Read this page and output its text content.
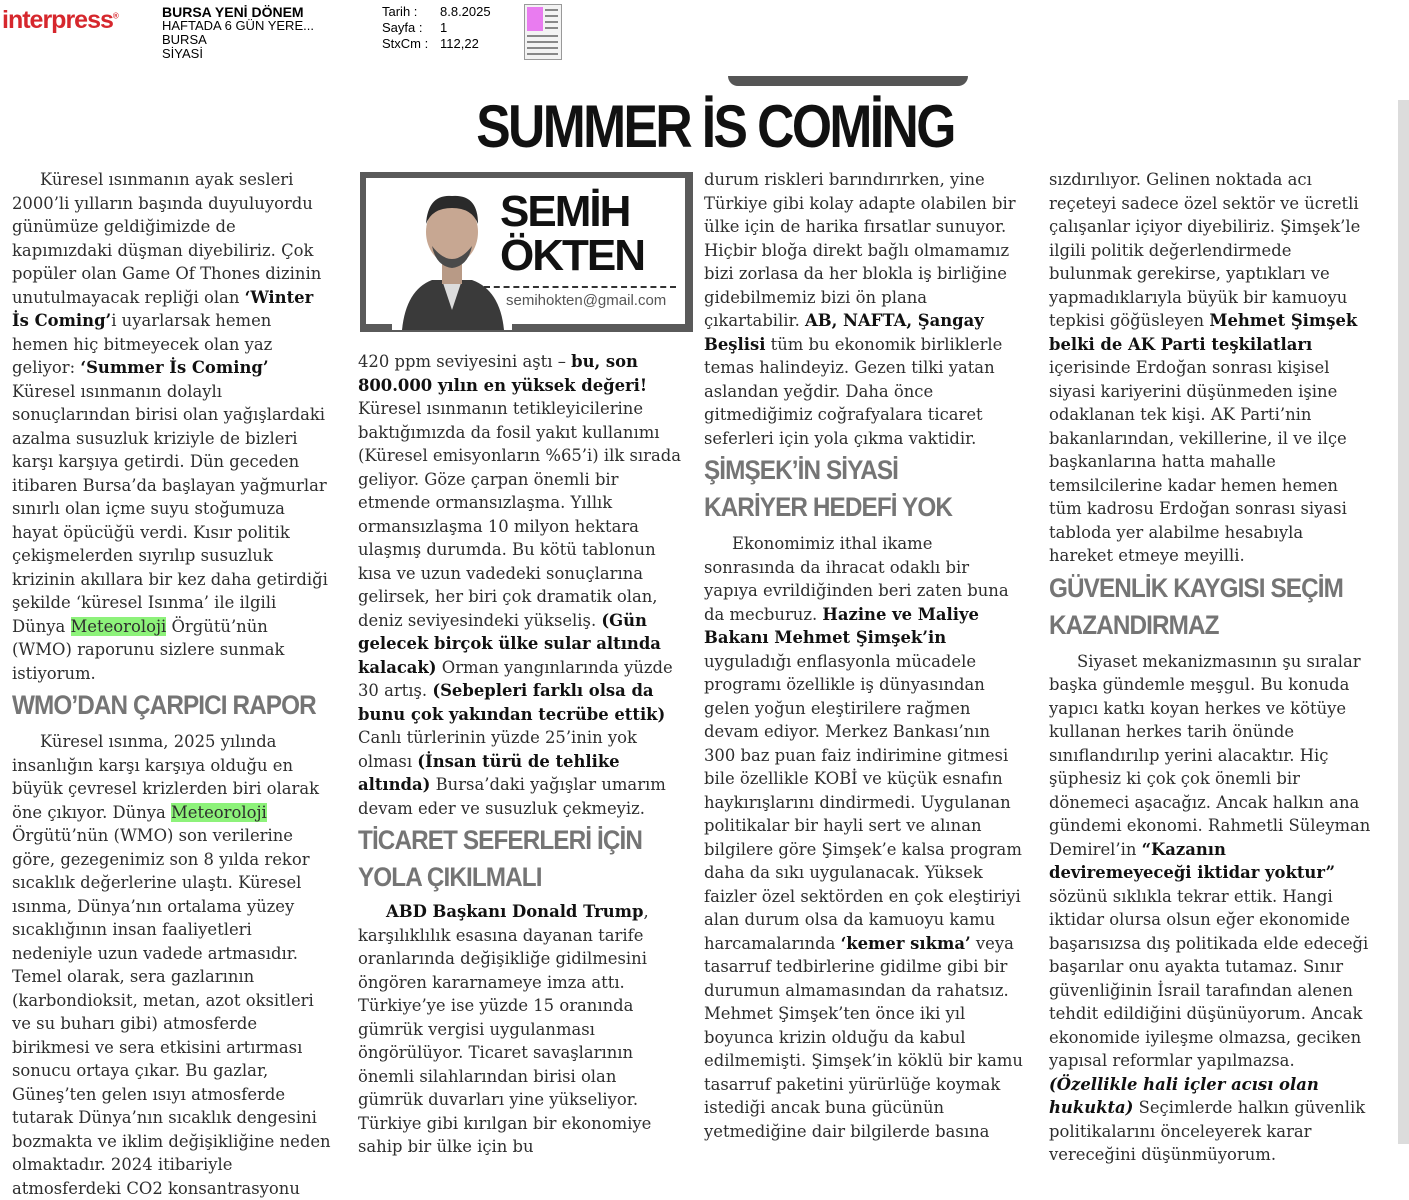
interpress®	BURSA YENİ DÖNEM
HAFTADA 6 GÜN YERE...
BURSA
SİYASİ
Tarih :	8.8.2025
Sayfa :	1
StxCm : 112,22
SUMMER İS COMİNG

Küresel ısınmanın ayak sesleri 2000’li yılların başında duyuluyordu günümüze geldiğimizde de kapımızdaki düşman diyebiliriz. Çok popüler olan Game Of Thones dizinin unutulmayacak repliği olan ‘Winter İs Coming’i uyarlarsak hemen hemen hiç bitmeyecek olan yaz geliyor: ‘Summer İs Coming’ Küresel ısınmanın dolaylı sonuçlarından birisi olan yağışlardaki azalma susuzluk kriziyle de bizleri karşı karşıya getirdi. Dün geceden itibaren Bursa’da başlayan yağmurlar sınırlı olan içme suyu stoğumuza hayat öpücüğü verdi. Kısır politik çekişmelerden sıyrılıp susuzluk krizinin akıllara bir kez daha getirdiği şekilde ‘küresel Isınma’ ile ilgili Dünya Meteoroloji Örgütü’nün (WMO) raporunu sizlere sunmak istiyorum.

WMO’DAN ÇARPICI RAPOR

Küresel ısınma, 2025 yılında insanlığın karşı karşıya olduğu en büyük çevresel krizlerden biri olarak öne çıkıyor. Dünya Meteoroloji Örgütü’nün (WMO) son verilerine göre, gezegenimiz son 8 yılda rekor sıcaklık değerlerine ulaştı. Küresel ısınma, Dünya’nın ortalama yüzey sıcaklığının insan faaliyetleri nedeniyle uzun vadede artmasıdır. Temel olarak, sera gazlarının (karbondioksit, metan, azot oksitleri ve su buharı gibi) atmosferde birikmesi ve sera etkisini artırması sonucu ortaya çıkar. Bu gazlar, Güneş’ten gelen ısıyı atmosferde tutarak Dünya’nın sıcaklık dengesini bozmakta ve iklim değişikliğine neden olmaktadır. 2024 itibariyle atmosferdeki CO2 konsantrasyonu

SEMİH
ÖKTEN
semihokten@gmail.com

420 ppm seviyesini aştı – bu, son 800.000 yılın en yüksek değeri! Küresel ısınmanın tetikleyicilerine baktığımızda da fosil yakıt kullanımı (Küresel emisyonların %65’i) ilk sırada geliyor. Göze çarpan önemli bir etmende ormansızlaşma. Yıllık ormansızlaşma 10 milyon hektara ulaşmış durumda. Bu kötü tablonun kısa ve uzun vadedeki sonuçlarına gelirsek, her biri çok dramatik olan, deniz seviyesindeki yükseliş. (Gün gelecek birçok ülke sular altında kalacak) Orman yangınlarında yüzde 30 artış. (Sebepleri farklı olsa da bunu çok yakından tecrübe ettik) Canlı türlerinin yüzde 25’inin yok olması (İnsan türü de tehlike altında) Bursa’daki yağışlar umarım devam eder ve susuzluk çekmeyiz.

TİCARET SEFERLERİ İÇİN

YOLA ÇIKILMALI

ABD Başkanı Donald Trump, karşılıklılık esasına dayanan tarife oranlarında değişikliğe gidilmesini öngören kararnameye imza attı. Türkiye’ye ise yüzde 15 oranında gümrük vergisi uygulanması öngörülüyor. Ticaret savaşlarının önemli silahlarından birisi olan gümrük duvarları yine yükseliyor. Türkiye gibi kırılgan bir ekonomiye sahip bir ülke için bu

durum riskleri barındırırken, yine Türkiye gibi kolay adapte olabilen bir ülke için de harika fırsatlar sunuyor. Hiçbir bloğa direkt bağlı olmamamız bizi zorlasa da her blokla iş birliğine gidebilmemiz bizi ön plana çıkartabilir. AB, NAFTA, Şangay Beşlisi tüm bu ekonomik birliklerle temas halindeyiz. Gezen tilki yatan aslandan yeğdir. Daha önce gitmediğimiz coğrafyalara ticaret seferleri için yola çıkma vaktidir.

ŞİMŞEK’İN SİYASİ

KARİYER HEDEFİ YOK

Ekonomimiz ithal ikame sonrasında da ihracat odaklı bir yapıya evrildiğinden beri zaten buna da mecburuz. Hazine ve Maliye Bakanı Mehmet Şimşek’in uyguladığı enflasyonla mücadele programı özellikle iş dünyasından gelen yoğun eleştirilere rağmen devam ediyor. Merkez Bankası’nın 300 baz puan faiz indirimine gitmesi bile özellikle KOBİ ve küçük esnafın haykırışlarını dindirmedi. Uygulanan politikalar bir hayli sert ve alınan bilgilere göre Şimşek’e kalsa program daha da sıkı uygulanacak. Yüksek faizler özel sektörden en çok eleştiriyi alan durum olsa da kamuoyu kamu harcamalarında ‘kemer sıkma’ veya tasarruf tedbirlerine gidilme gibi bir durumun almamasından da rahatsız. Mehmet Şimşek’ten önce iki yıl boyunca krizin olduğu da kabul edilmemişti. Şimşek’in köklü bir kamu tasarruf paketini yürürlüğe koymak istediği ancak buna gücünün yetmediğine dair bilgilerde basına

sızdırılıyor. Gelinen noktada acı reçeteyi sadece özel sektör ve ücretli çalışanlar içiyor diyebiliriz. Şimşek’le ilgili politik değerlendirmede bulunmak gerekirse, yaptıkları ve yapmadıklarıyla büyük bir kamuoyu tepkisi göğüsleyen Mehmet Şimşek belki de AK Parti teşkilatları içerisinde Erdoğan sonrası kişisel siyasi kariyerini düşünmeden işine odaklanan tek kişi. AK Parti’nin bakanlarından, vekillerine, il ve ilçe başkanlarına hatta mahalle temsilcilerine kadar hemen hemen tüm kadrosu Erdoğan sonrası siyasi tabloda yer alabilme hesabıyla hareket etmeye meyilli.

GÜVENLİK KAYGISI SEÇİM

KAZANDIRMAZ

Siyaset mekanizmasının şu sıralar başka gündemle meşgul. Bu konuda yapıcı katkı koyan herkes ve kötüye kullanan herkes tarih önünde sınıflandırılıp yerini alacaktır. Hiç şüphesiz ki çok çok önemli bir dönemeci aşacağız. Ancak halkın ana gündemi ekonomi. Rahmetli Süleyman Demirel’in “Kazanın deviremeyeceği iktidar yoktur” sözünü sıklıkla tekrar ettik. Hangi iktidar olursa olsun eğer ekonomide başarısızsa dış politikada elde edeceği başarılar onu ayakta tutamaz. Sınır güvenliğinin İsrail tarafından alenen tehdit edildiğini düşünüyorum. Ancak ekonomide iyileşme olmazsa, geciken yapısal reformlar yapılmazsa. (Özellikle hali içler acısı olan hukukta) Seçimlerde halkın güvenlik politikalarını önceleyerek karar vereceğini düşünmüyorum.
